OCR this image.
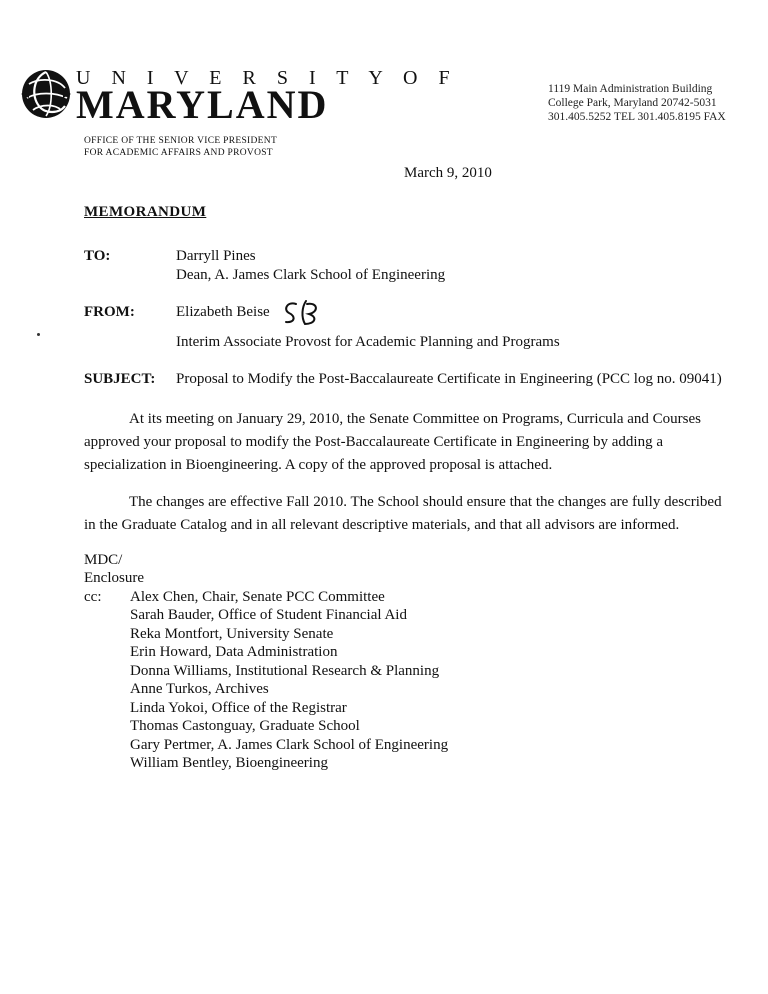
U N I V E R S I T Y O F
MARYLAND
OFFICE OF THE SENIOR VICE PRESIDENT
FOR ACADEMIC AFFAIRS AND PROVOST
1119 Main Administration Building
College Park, Maryland 20742-5031
301.405.5252 TEL 301.405.8195 FAX
March 9, 2010
MEMORANDUM
TO:	Darryll Pines
Dean, A. James Clark School of Engineering
FROM:	Elizabeth Beise
Interim Associate Provost for Academic Planning and Programs
SUBJECT:	Proposal to Modify the Post-Baccalaureate Certificate in Engineering (PCC log no. 09041)

At its meeting on January 29, 2010, the Senate Committee on Programs, Curricula and Courses approved your proposal to modify the Post-Baccalaureate Certificate in Engineering by adding a specialization in Bioengineering. A copy of the approved proposal is attached.

The changes are effective Fall 2010. The School should ensure that the changes are fully described in the Graduate Catalog and in all relevant descriptive materials, and that all advisors are informed.

MDC/
Enclosure
cc:	Alex Chen, Chair, Senate PCC Committee
Sarah Bauder, Office of Student Financial Aid
Reka Montfort, University Senate
Erin Howard, Data Administration
Donna Williams, Institutional Research & Planning
Anne Turkos, Archives
Linda Yokoi, Office of the Registrar
Thomas Castonguay, Graduate School
Gary Pertmer, A. James Clark School of Engineering
William Bentley, Bioengineering
